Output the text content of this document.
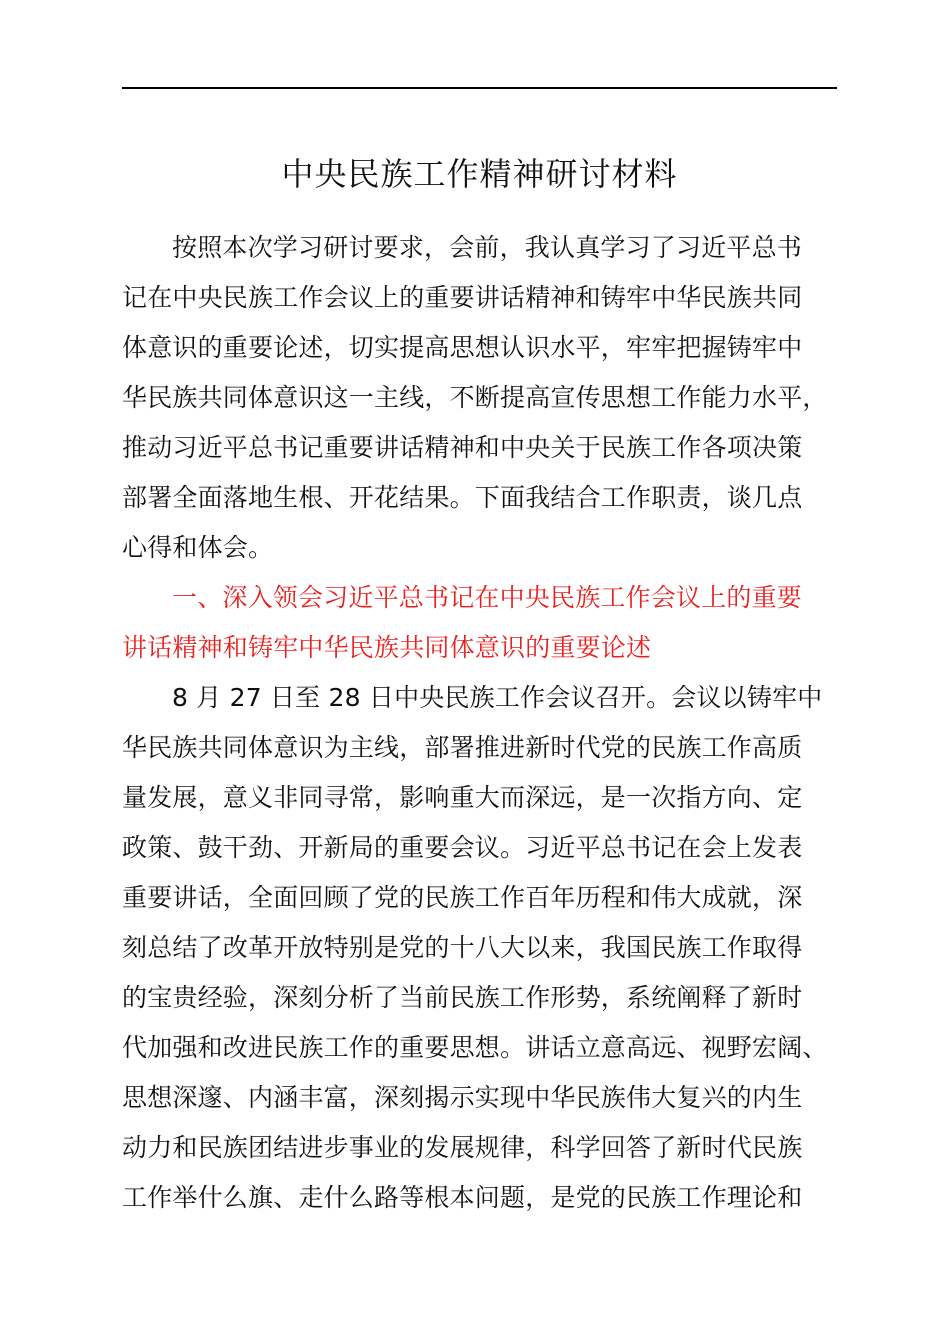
中央民族工作精神研讨材料
按照本次学习研讨要求，会前，我认真学习了习近平总书
记在中央民族工作会议上的重要讲话精神和铸牢中华民族共同
体意识的重要论述，切实提高思想认识水平，牢牢把握铸牢中
华民族共同体意识这一主线，不断提高宣传思想工作能力水平，
推动习近平总书记重要讲话精神和中央关于民族工作各项决策
部署全面落地生根、开花结果。下面我结合工作职责，谈几点
心得和体会。
一、深入领会习近平总书记在中央民族工作会议上的重要
讲话精神和铸牢中华民族共同体意识的重要论述
8 月 27 日至 28 日中央民族工作会议召开。会议以铸牢中
华民族共同体意识为主线，部署推进新时代党的民族工作高质
量发展，意义非同寻常，影响重大而深远，是一次指方向、定
政策、鼓干劲、开新局的重要会议。习近平总书记在会上发表
重要讲话，全面回顾了党的民族工作百年历程和伟大成就，深
刻总结了改革开放特别是党的十八大以来，我国民族工作取得
的宝贵经验，深刻分析了当前民族工作形势，系统阐释了新时
代加强和改进民族工作的重要思想。讲话立意高远、视野宏阔、
思想深邃、内涵丰富，深刻揭示实现中华民族伟大复兴的内生
动力和民族团结进步事业的发展规律，科学回答了新时代民族
工作举什么旗、走什么路等根本问题，是党的民族工作理论和
